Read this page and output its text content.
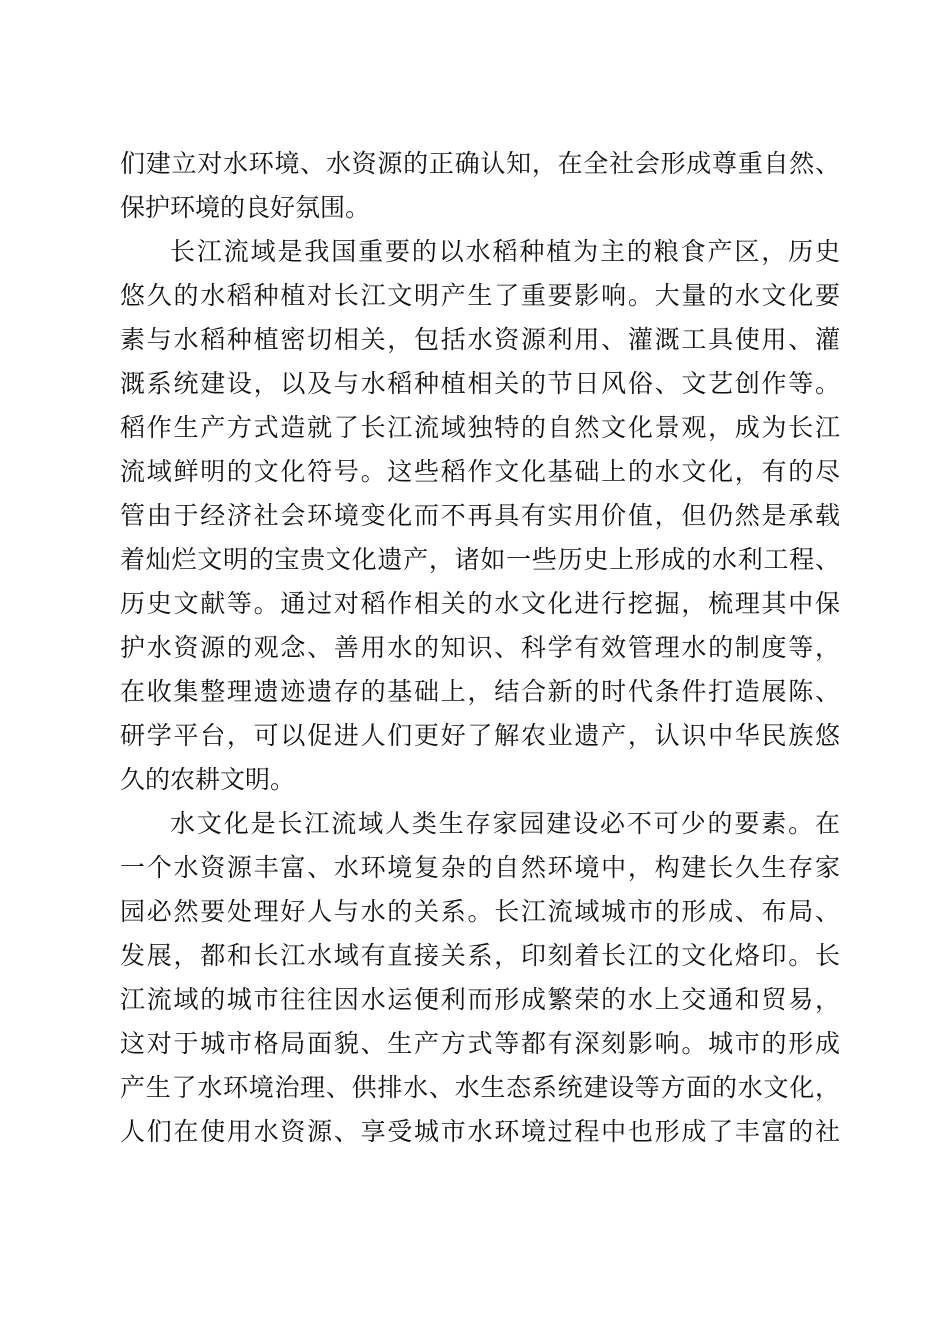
们建立对水环境、水资源的正确认知，在全社会形成尊重自然、
保护环境的良好氛围。
长江流域是我国重要的以水稻种植为主的粮食产区，历史
悠久的水稻种植对长江文明产生了重要影响。大量的水文化要
素与水稻种植密切相关，包括水资源利用、灌溉工具使用、灌
溉系统建设，以及与水稻种植相关的节日风俗、文艺创作等。
稻作生产方式造就了长江流域独特的自然文化景观，成为长江
流域鲜明的文化符号。这些稻作文化基础上的水文化，有的尽
管由于经济社会环境变化而不再具有实用价值，但仍然是承载
着灿烂文明的宝贵文化遗产，诸如一些历史上形成的水利工程、
历史文献等。通过对稻作相关的水文化进行挖掘，梳理其中保
护水资源的观念、善用水的知识、科学有效管理水的制度等，
在收集整理遗迹遗存的基础上，结合新的时代条件打造展陈、
研学平台，可以促进人们更好了解农业遗产，认识中华民族悠
久的农耕文明。
水文化是长江流域人类生存家园建设必不可少的要素。在
一个水资源丰富、水环境复杂的自然环境中，构建长久生存家
园必然要处理好人与水的关系。长江流域城市的形成、布局、
发展，都和长江水域有直接关系，印刻着长江的文化烙印。长
江流域的城市往往因水运便利而形成繁荣的水上交通和贸易，
这对于城市格局面貌、生产方式等都有深刻影响。城市的形成
产生了水环境治理、供排水、水生态系统建设等方面的水文化，
人们在使用水资源、享受城市水环境过程中也形成了丰富的社
